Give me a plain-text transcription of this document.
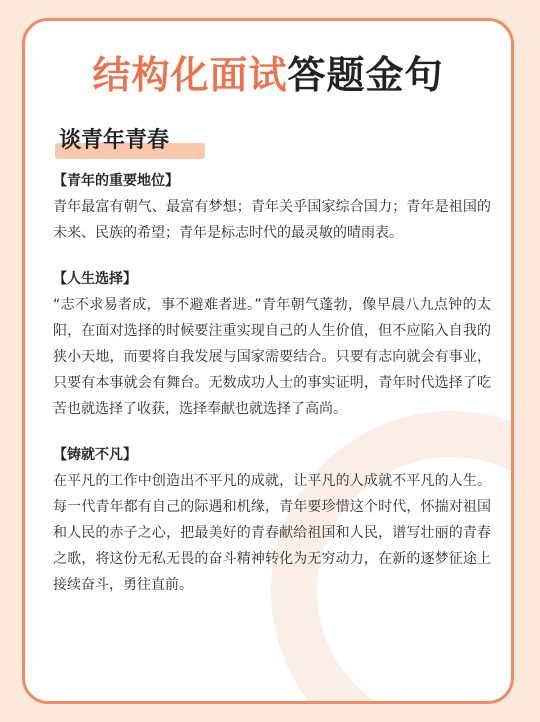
结构化面试答题金句
谈青年青春

【青年的重要地位】

青年最富有朝气、最富有梦想；青年关乎国家综合国力；青年是祖国的未来、民族的希望；青年是标志时代的最灵敏的晴雨表。

【人生选择】

“志不求易者成，事不避难者进。”青年朝气蓬勃，像早晨八九点钟的太阳，在面对选择的时候要注重实现自己的人生价值，但不应陷入自我的狭小天地，而要将自我发展与国家需要结合。只要有志向就会有事业，只要有本事就会有舞台。无数成功人士的事实证明，青年时代选择了吃苦也就选择了收获，选择奉献也就选择了高尚。

【铸就不凡】

在平凡的工作中创造出不平凡的成就，让平凡的人成就不平凡的人生。每一代青年都有自己的际遇和机缘，青年要珍惜这个时代，怀揣对祖国和人民的赤子之心，把最美好的青春献给祖国和人民，谱写壮丽的青春之歌，将这份无私无畏的奋斗精神转化为无穷动力，在新的逐梦征途上接续奋斗，勇往直前。
